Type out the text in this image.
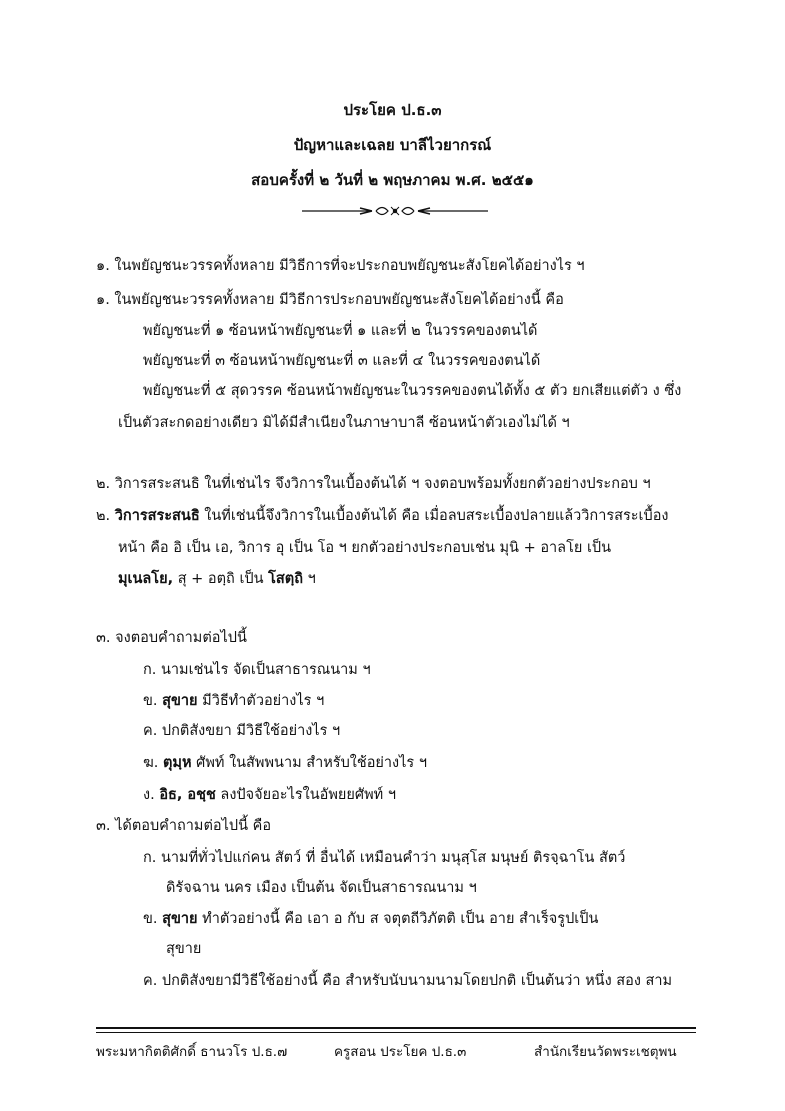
ประโยค ป.ธ.๓
ปัญหาและเฉลย บาลีไวยากรณ์
สอบครั้งที่ ๒ วันที่ ๒ พฤษภาคม พ.ศ. ๒๕๕๑
๑. ในพยัญชนะวรรคทั้งหลาย มีวิธีการที่จะประกอบพยัญชนะสังโยคได้อย่างไร ฯ
๑. ในพยัญชนะวรรคทั้งหลาย มีวิธีการประกอบพยัญชนะสังโยคได้อย่างนี้ คือ
พยัญชนะที่ ๑ ซ้อนหน้าพยัญชนะที่ ๑ และที่ ๒ ในวรรคของตนได้
พยัญชนะที่ ๓ ซ้อนหน้าพยัญชนะที่ ๓ และที่ ๔ ในวรรคของตนได้
พยัญชนะที่ ๕ สุดวรรค ซ้อนหน้าพยัญชนะในวรรคของตนได้ทั้ง ๕ ตัว ยกเสียแต่ตัว ง ซึ่ง
เป็นตัวสะกดอย่างเดียว มิได้มีสำเนียงในภาษาบาลี ซ้อนหน้าตัวเองไม่ได้ ฯ
๒. วิการสระสนธิ ในที่เช่นไร จึงวิการในเบื้องต้นได้ ฯ จงตอบพร้อมทั้งยกตัวอย่างประกอบ ฯ
๒. วิการสระสนธิ ในที่เช่นนี้จึงวิการในเบื้องต้นได้ คือ เมื่อลบสระเบื้องปลายแล้ววิการสระเบื้อง
หน้า คือ อิ เป็น เอ, วิการ อุ เป็น โอ ฯ ยกตัวอย่างประกอบเช่น มุนิ + อาลโย เป็น
มุเนลโย, สุ + อตฺถิ เป็น โสตฺถิ ฯ
๓. จงตอบคำถามต่อไปนี้
ก. นามเช่นไร จัดเป็นสาธารณนาม ฯ
ข. สุขาย มีวิธีทำตัวอย่างไร ฯ
ค. ปกติสังขยา มีวิธีใช้อย่างไร ฯ
ฆ. ตุมฺห ศัพท์ ในสัพพนาม สำหรับใช้อย่างไร ฯ
ง. อิธ, อชฺช ลงปัจจัยอะไรในอัพยยศัพท์ ฯ
๓. ได้ตอบคำถามต่อไปนี้ คือ
ก. นามที่ทั่วไปแก่คน สัตว์ ที่ อื่นได้ เหมือนคำว่า มนุสฺโส มนุษย์ ติรจฺฉาโน สัตว์
ดิรัจฉาน นคร เมือง เป็นต้น จัดเป็นสาธารณนาม ฯ
ข. สุขาย ทำตัวอย่างนี้ คือ เอา อ กับ ส จตุตถีวิภัตติ เป็น อาย สำเร็จรูปเป็น
สุขาย
ค. ปกติสังขยามีวิธีใช้อย่างนี้ คือ สำหรับนับนามนามโดยปกติ เป็นต้นว่า หนึ่ง สอง สาม
พระมหากิตติศักดิ์ ธานวโร ป.ธ.๗	ครูสอน ประโยค ป.ธ.๓	สำนักเรียนวัดพระเชตุพน
